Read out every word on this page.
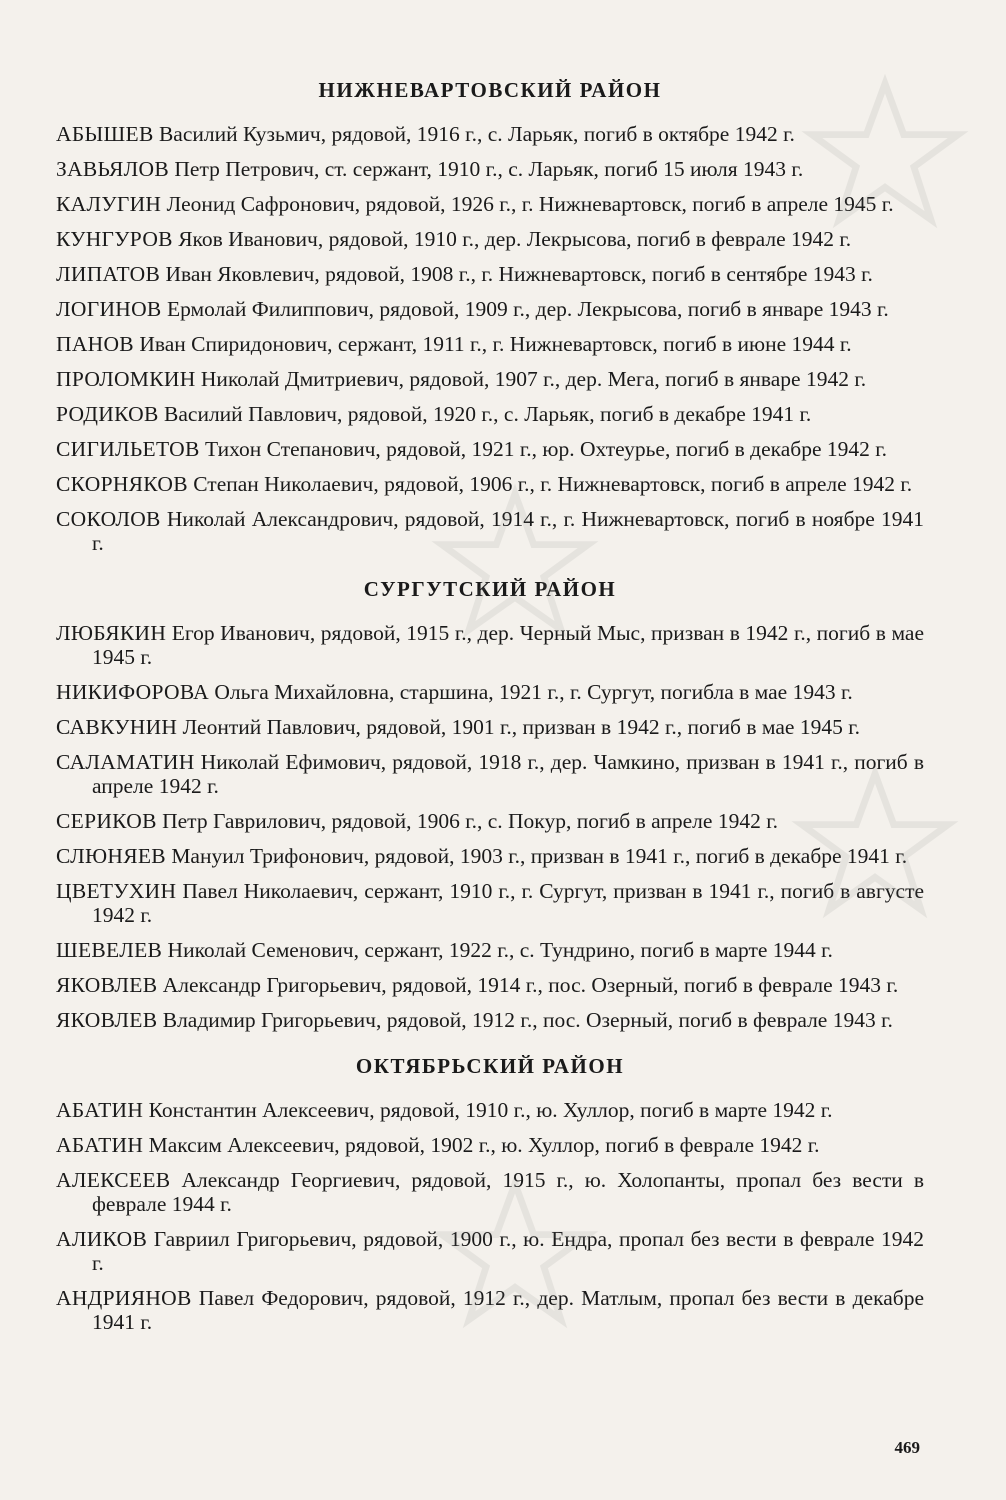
НИЖНЕВАРТОВСКИЙ РАЙОН
АБЫШЕВ Василий Кузьмич, рядовой, 1916 г., с. Ларьяк, погиб в октябре 1942 г.
ЗАВЬЯЛОВ Петр Петрович, ст. сержант, 1910 г., с. Ларьяк, погиб 15 июля 1943 г.
КАЛУГИН Леонид Сафронович, рядовой, 1926 г., г. Нижневартовск, погиб в апреле 1945 г.
КУНГУРОВ Яков Иванович, рядовой, 1910 г., дер. Лекрысова, погиб в феврале 1942 г.
ЛИПАТОВ Иван Яковлевич, рядовой, 1908 г., г. Нижневартовск, погиб в сентябре 1943 г.
ЛОГИНОВ Ермолай Филиппович, рядовой, 1909 г., дер. Лекрысова, погиб в январе 1943 г.
ПАНОВ Иван Спиридонович, сержант, 1911 г., г. Нижневартовск, погиб в июне 1944 г.
ПРОЛОМКИН Николай Дмитриевич, рядовой, 1907 г., дер. Мега, погиб в январе 1942 г.
РОДИКОВ Василий Павлович, рядовой, 1920 г., с. Ларьяк, погиб в декабре 1941 г.
СИГИЛЬЕТОВ Тихон Степанович, рядовой, 1921 г., юр. Охтеурье, погиб в декабре 1942 г.
СКОРНЯКОВ Степан Николаевич, рядовой, 1906 г., г. Нижневартовск, погиб в апреле 1942 г.
СОКОЛОВ Николай Александрович, рядовой, 1914 г., г. Нижневартовск, погиб в ноябре 1941 г.
СУРГУТСКИЙ РАЙОН
ЛЮБЯКИН Егор Иванович, рядовой, 1915 г., дер. Черный Мыс, призван в 1942 г., погиб в мае 1945 г.
НИКИФОРОВА Ольга Михайловна, старшина, 1921 г., г. Сургут, погибла в мае 1943 г.
САВКУНИН Леонтий Павлович, рядовой, 1901 г., призван в 1942 г., погиб в мае 1945 г.
САЛАМАТИН Николай Ефимович, рядовой, 1918 г., дер. Чамкино, призван в 1941 г., погиб в апреле 1942 г.
СЕРИКОВ Петр Гаврилович, рядовой, 1906 г., с. Покур, погиб в апреле 1942 г.
СЛЮНЯЕВ Мануил Трифонович, рядовой, 1903 г., призван в 1941 г., погиб в декабре 1941 г.
ЦВЕТУХИН Павел Николаевич, сержант, 1910 г., г. Сургут, призван в 1941 г., погиб в августе 1942 г.
ШЕВЕЛЕВ Николай Семенович, сержант, 1922 г., с. Тундрино, погиб в марте 1944 г.
ЯКОВЛЕВ Александр Григорьевич, рядовой, 1914 г., пос. Озерный, погиб в феврале 1943 г.
ЯКОВЛЕВ Владимир Григорьевич, рядовой, 1912 г., пос. Озерный, погиб в феврале 1943 г.
ОКТЯБРЬСКИЙ РАЙОН
АБАТИН Константин Алексеевич, рядовой, 1910 г., ю. Хуллор, погиб в марте 1942 г.
АБАТИН Максим Алексеевич, рядовой, 1902 г., ю. Хуллор, погиб в феврале 1942 г.
АЛЕКСЕЕВ Александр Георгиевич, рядовой, 1915 г., ю. Холопанты, пропал без вести в феврале 1944 г.
АЛИКОВ Гавриил Григорьевич, рядовой, 1900 г., ю. Ендра, пропал без вести в феврале 1942 г.
АНДРИЯНОВ Павел Федорович, рядовой, 1912 г., дер. Матлым, пропал без вести в декабре 1941 г.
469
